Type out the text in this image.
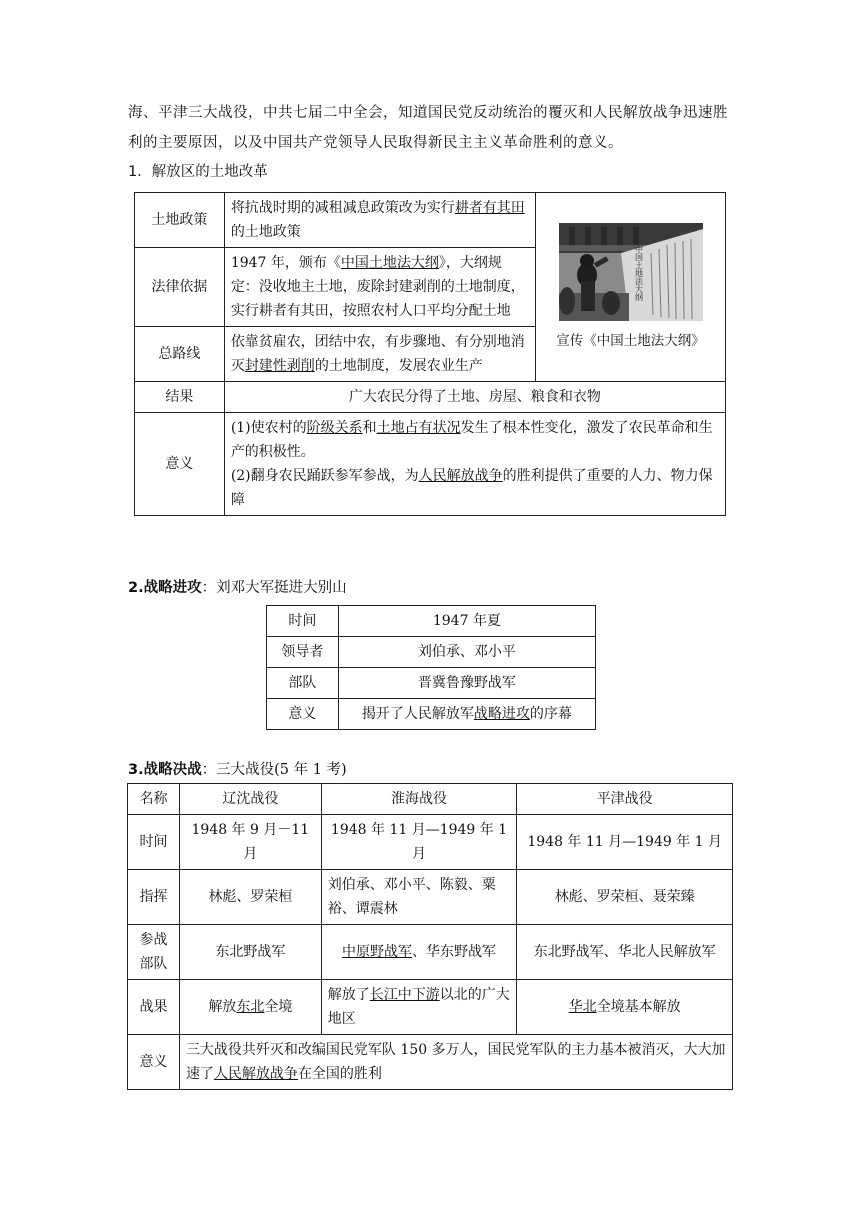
海、平津三大战役，中共七届二中全会，知道国民党反动统治的覆灭和人民解放战争迅速胜
利的主要原因，以及中国共产党领导人民取得新民主主义革命胜利的意义。
1．解放区的土地改革
土地政策	将抗战时期的减租减息政策改为实行耕者有其田的土地政策	中国土地法大纲
宣传《中国土地法大纲》

法律依据	1947 年，颁布《中国土地法大纲》，大纲规定：没收地主土地，废除封建剥削的土地制度，实行耕者有其田，按照农村人口平均分配土地	
总路线	依靠贫雇农，团结中农，有步骤地、有分别地消灭封建性剥削的土地制度，发展农业生产	
结果	广大农民分得了土地、房屋、粮食和衣物	
意义	(1)使农村的阶级关系和土地占有状况发生了根本性变化，激发了农民革命和生产的积极性。
(2)翻身农民踊跃参军参战，为人民解放战争的胜利提供了重要的人力、物力保障	
2.战略进攻：刘邓大军挺进大别山
时间	1947 年夏
领导者	刘伯承、邓小平
部队	晋冀鲁豫野战军
意义	揭开了人民解放军战略进攻的序幕
3.战略决战：三大战役(5 年 1 考)
名称	辽沈战役	淮海战役	平津战役
时间	1948 年 9 月－11 月	1948 年 11 月—1949 年 1 月	1948 年 11 月—1949 年 1 月
指挥	林彪、罗荣桓	刘伯承、邓小平、陈毅、粟裕、谭震林	林彪、罗荣桓、聂荣臻
参战部队	东北野战军	中原野战军、华东野战军	东北野战军、华北人民解放军
战果	解放东北全境	解放了长江中下游以北的广大地区	华北全境基本解放
意义	三大战役共歼灭和改编国民党军队 150 多万人，国民党军队的主力基本被消灭，大大加速了人民解放战争在全国的胜利		
